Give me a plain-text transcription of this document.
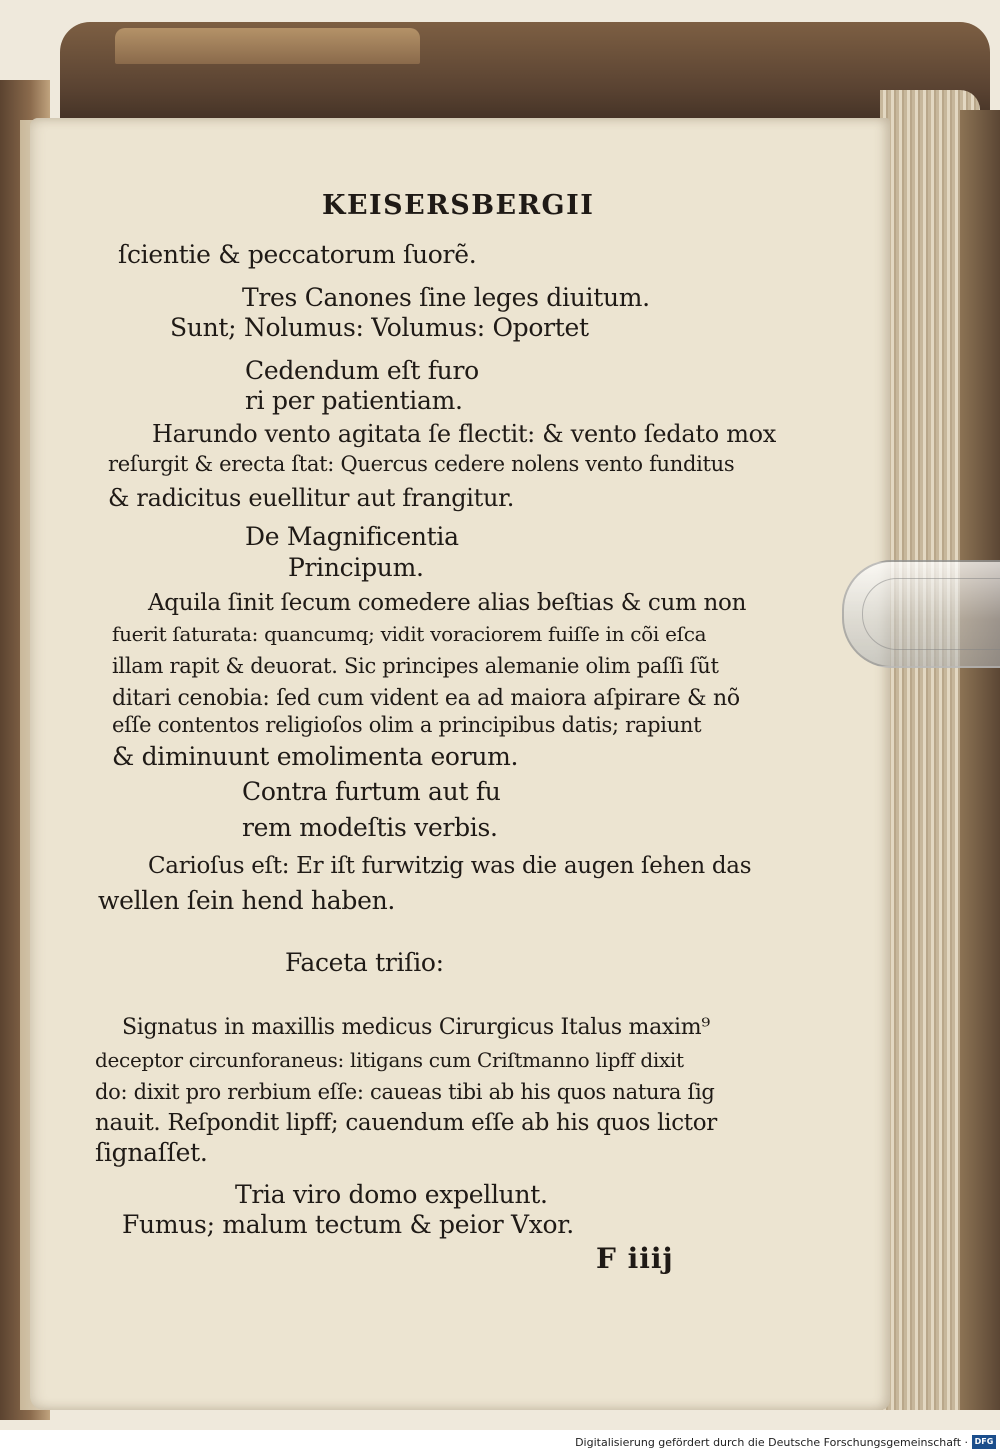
KEISERSBERGII
ſcientie & peccatorum ſuorẽ.
Tres Canones ſine leges diuitum.
Sunt; Nolumus: Volumus: Oportet
Cedendum eſt furo
ri per patientiam.
Harundo vento agitata ſe flectit: & vento ſedato mox
reſurgit & erecta ſtat: Quercus cedere nolens vento funditus
& radicitus euellitur aut frangitur.
De Magnificentia
Principum.
Aquila ſinit ſecum comedere alias beſtias & cum non
fuerit ſaturata: quancumq; vidit voraciorem fuiſſe in cõi eſca
illam rapit & deuorat. Sic principes alemanie olim paſſi ſũt
ditari cenobia: ſed cum vident ea ad maiora aſpirare & nõ
eſſe contentos religioſos olim a principibus datis; rapiunt
& diminuunt emolimenta eorum.
Contra furtum aut fu
rem modeſtis verbis.
Carioſus eſt: Er iſt furwitzig was die augen ſehen das
wellen ſein hend haben.
Faceta triſio:
Signatus in maxillis medicus Cirurgicus Italus maxim⁹
deceptor circunforaneus: litigans cum Criſtmanno lipff dixit
do: dixit pro rerbium eſſe: caueas tibi ab his quos natura ſig
nauit. Reſpondit lipff; cauendum eſſe ab his quos lictor
ſignaſſet.
Tria viro domo expellunt.
Fumus; malum tectum & peior Vxor.
F iiij
Digitalisierung gefördert durch die Deutsche Forschungsgemeinschaft · DFG
